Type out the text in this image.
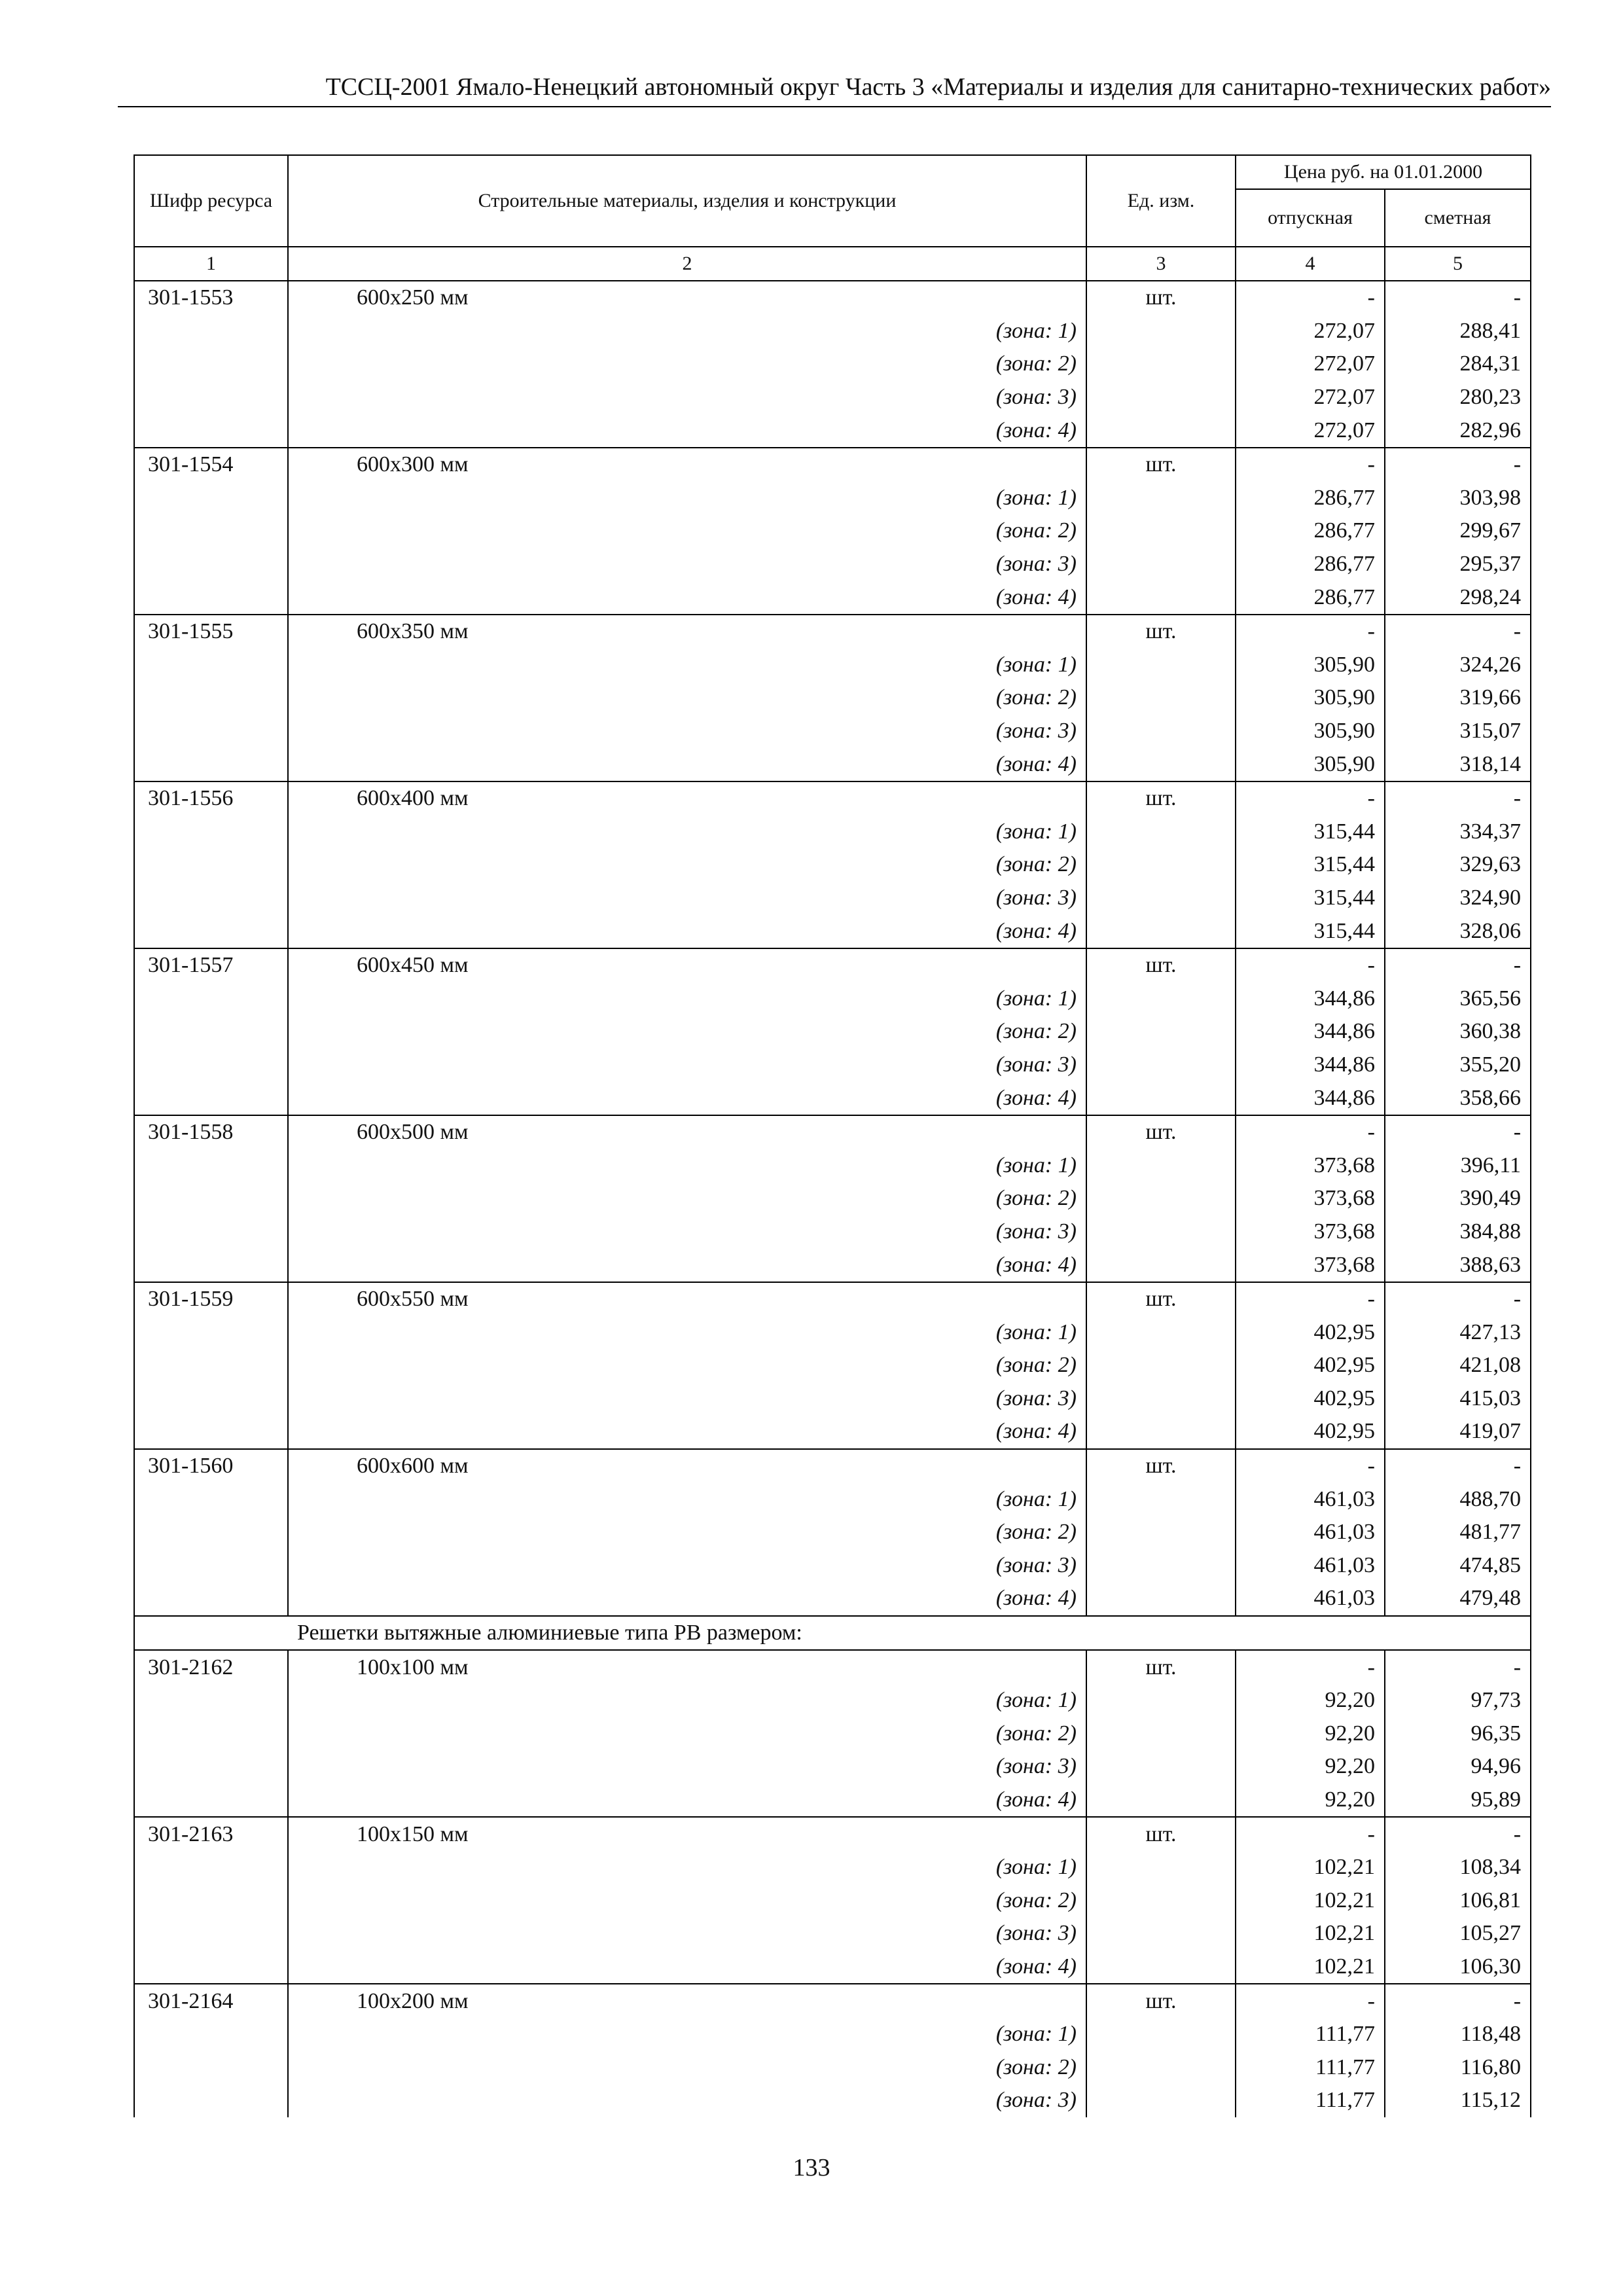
ТССЦ-2001 Ямало-Ненецкий автономный округ Часть 3 «Материалы и изделия для санитарно-технических работ»
Шифр ресурса	Строительные материалы, изделия и конструкции	Ед. изм.	Цена руб. на 01.01.2000	
			отпускная	сметная
1	2	3	4	5
301-1553	600x250 мм	шт.	-	-
	(зона: 1)		272,07	288,41
	(зона: 2)		272,07	284,31
	(зона: 3)		272,07	280,23
	(зона: 4)		272,07	282,96
301-1554	600x300 мм	шт.	-	-
	(зона: 1)		286,77	303,98
	(зона: 2)		286,77	299,67
	(зона: 3)		286,77	295,37
	(зона: 4)		286,77	298,24
301-1555	600x350 мм	шт.	-	-
	(зона: 1)		305,90	324,26
	(зона: 2)		305,90	319,66
	(зона: 3)		305,90	315,07
	(зона: 4)		305,90	318,14
301-1556	600x400 мм	шт.	-	-
	(зона: 1)		315,44	334,37
	(зона: 2)		315,44	329,63
	(зона: 3)		315,44	324,90
	(зона: 4)		315,44	328,06
301-1557	600x450 мм	шт.	-	-
	(зона: 1)		344,86	365,56
	(зона: 2)		344,86	360,38
	(зона: 3)		344,86	355,20
	(зона: 4)		344,86	358,66
301-1558	600x500 мм	шт.	-	-
	(зона: 1)		373,68	396,11
	(зона: 2)		373,68	390,49
	(зона: 3)		373,68	384,88
	(зона: 4)		373,68	388,63
301-1559	600x550 мм	шт.	-	-
	(зона: 1)		402,95	427,13
	(зона: 2)		402,95	421,08
	(зона: 3)		402,95	415,03
	(зона: 4)		402,95	419,07
301-1560	600x600 мм	шт.	-	-
	(зона: 1)		461,03	488,70
	(зона: 2)		461,03	481,77
	(зона: 3)		461,03	474,85
	(зона: 4)		461,03	479,48
Решетки вытяжные алюминиевые типа РВ размером:				
301-2162	100x100 мм	шт.	-	-
	(зона: 1)		92,20	97,73
	(зона: 2)		92,20	96,35
	(зона: 3)		92,20	94,96
	(зона: 4)		92,20	95,89
301-2163	100x150 мм	шт.	-	-
	(зона: 1)		102,21	108,34
	(зона: 2)		102,21	106,81
	(зона: 3)		102,21	105,27
	(зона: 4)		102,21	106,30
301-2164	100x200 мм	шт.	-	-
	(зона: 1)		111,77	118,48
	(зона: 2)		111,77	116,80
	(зона: 3)		111,77	115,12
133
